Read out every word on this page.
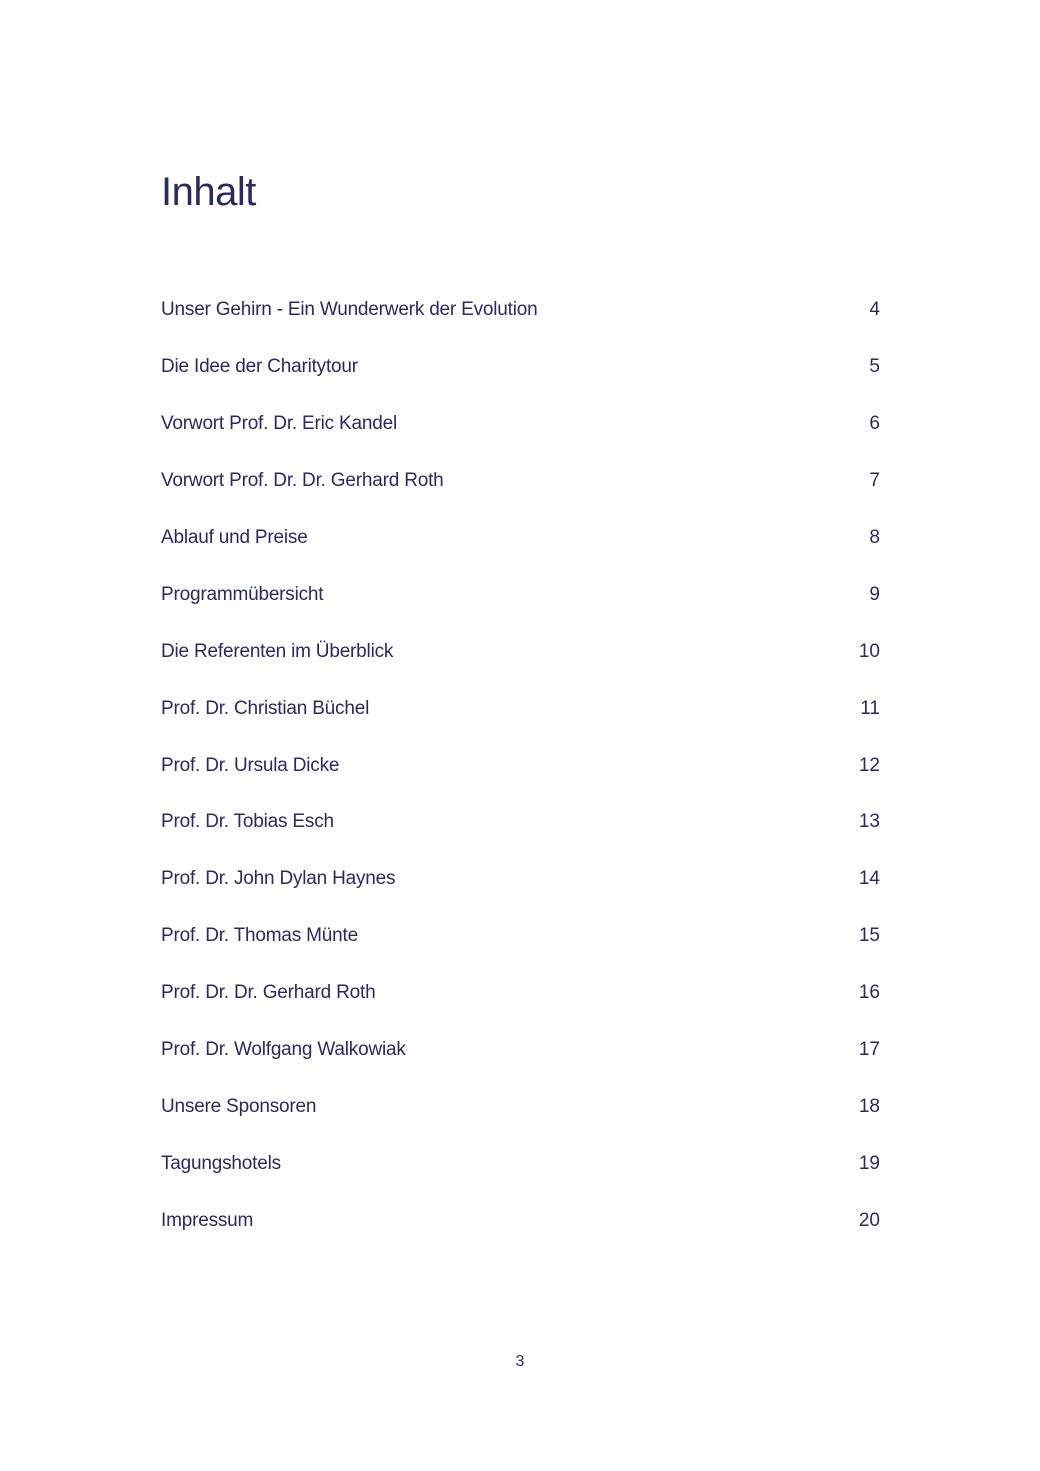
Inhalt
Unser Gehirn - Ein Wunderwerk der Evolution	4
Die Idee der Charitytour	5
Vorwort Prof. Dr. Eric Kandel	6
Vorwort Prof. Dr. Dr. Gerhard Roth	7
Ablauf und Preise	8
Programmübersicht	9
Die Referenten im Überblick	10
Prof. Dr. Christian Büchel	11
Prof. Dr. Ursula Dicke	12
Prof. Dr. Tobias Esch	13
Prof. Dr. John Dylan Haynes	14
Prof. Dr. Thomas Münte	15
Prof. Dr. Dr. Gerhard Roth	16
Prof. Dr. Wolfgang Walkowiak	17
Unsere Sponsoren	18
Tagungshotels	19
Impressum	20
3
